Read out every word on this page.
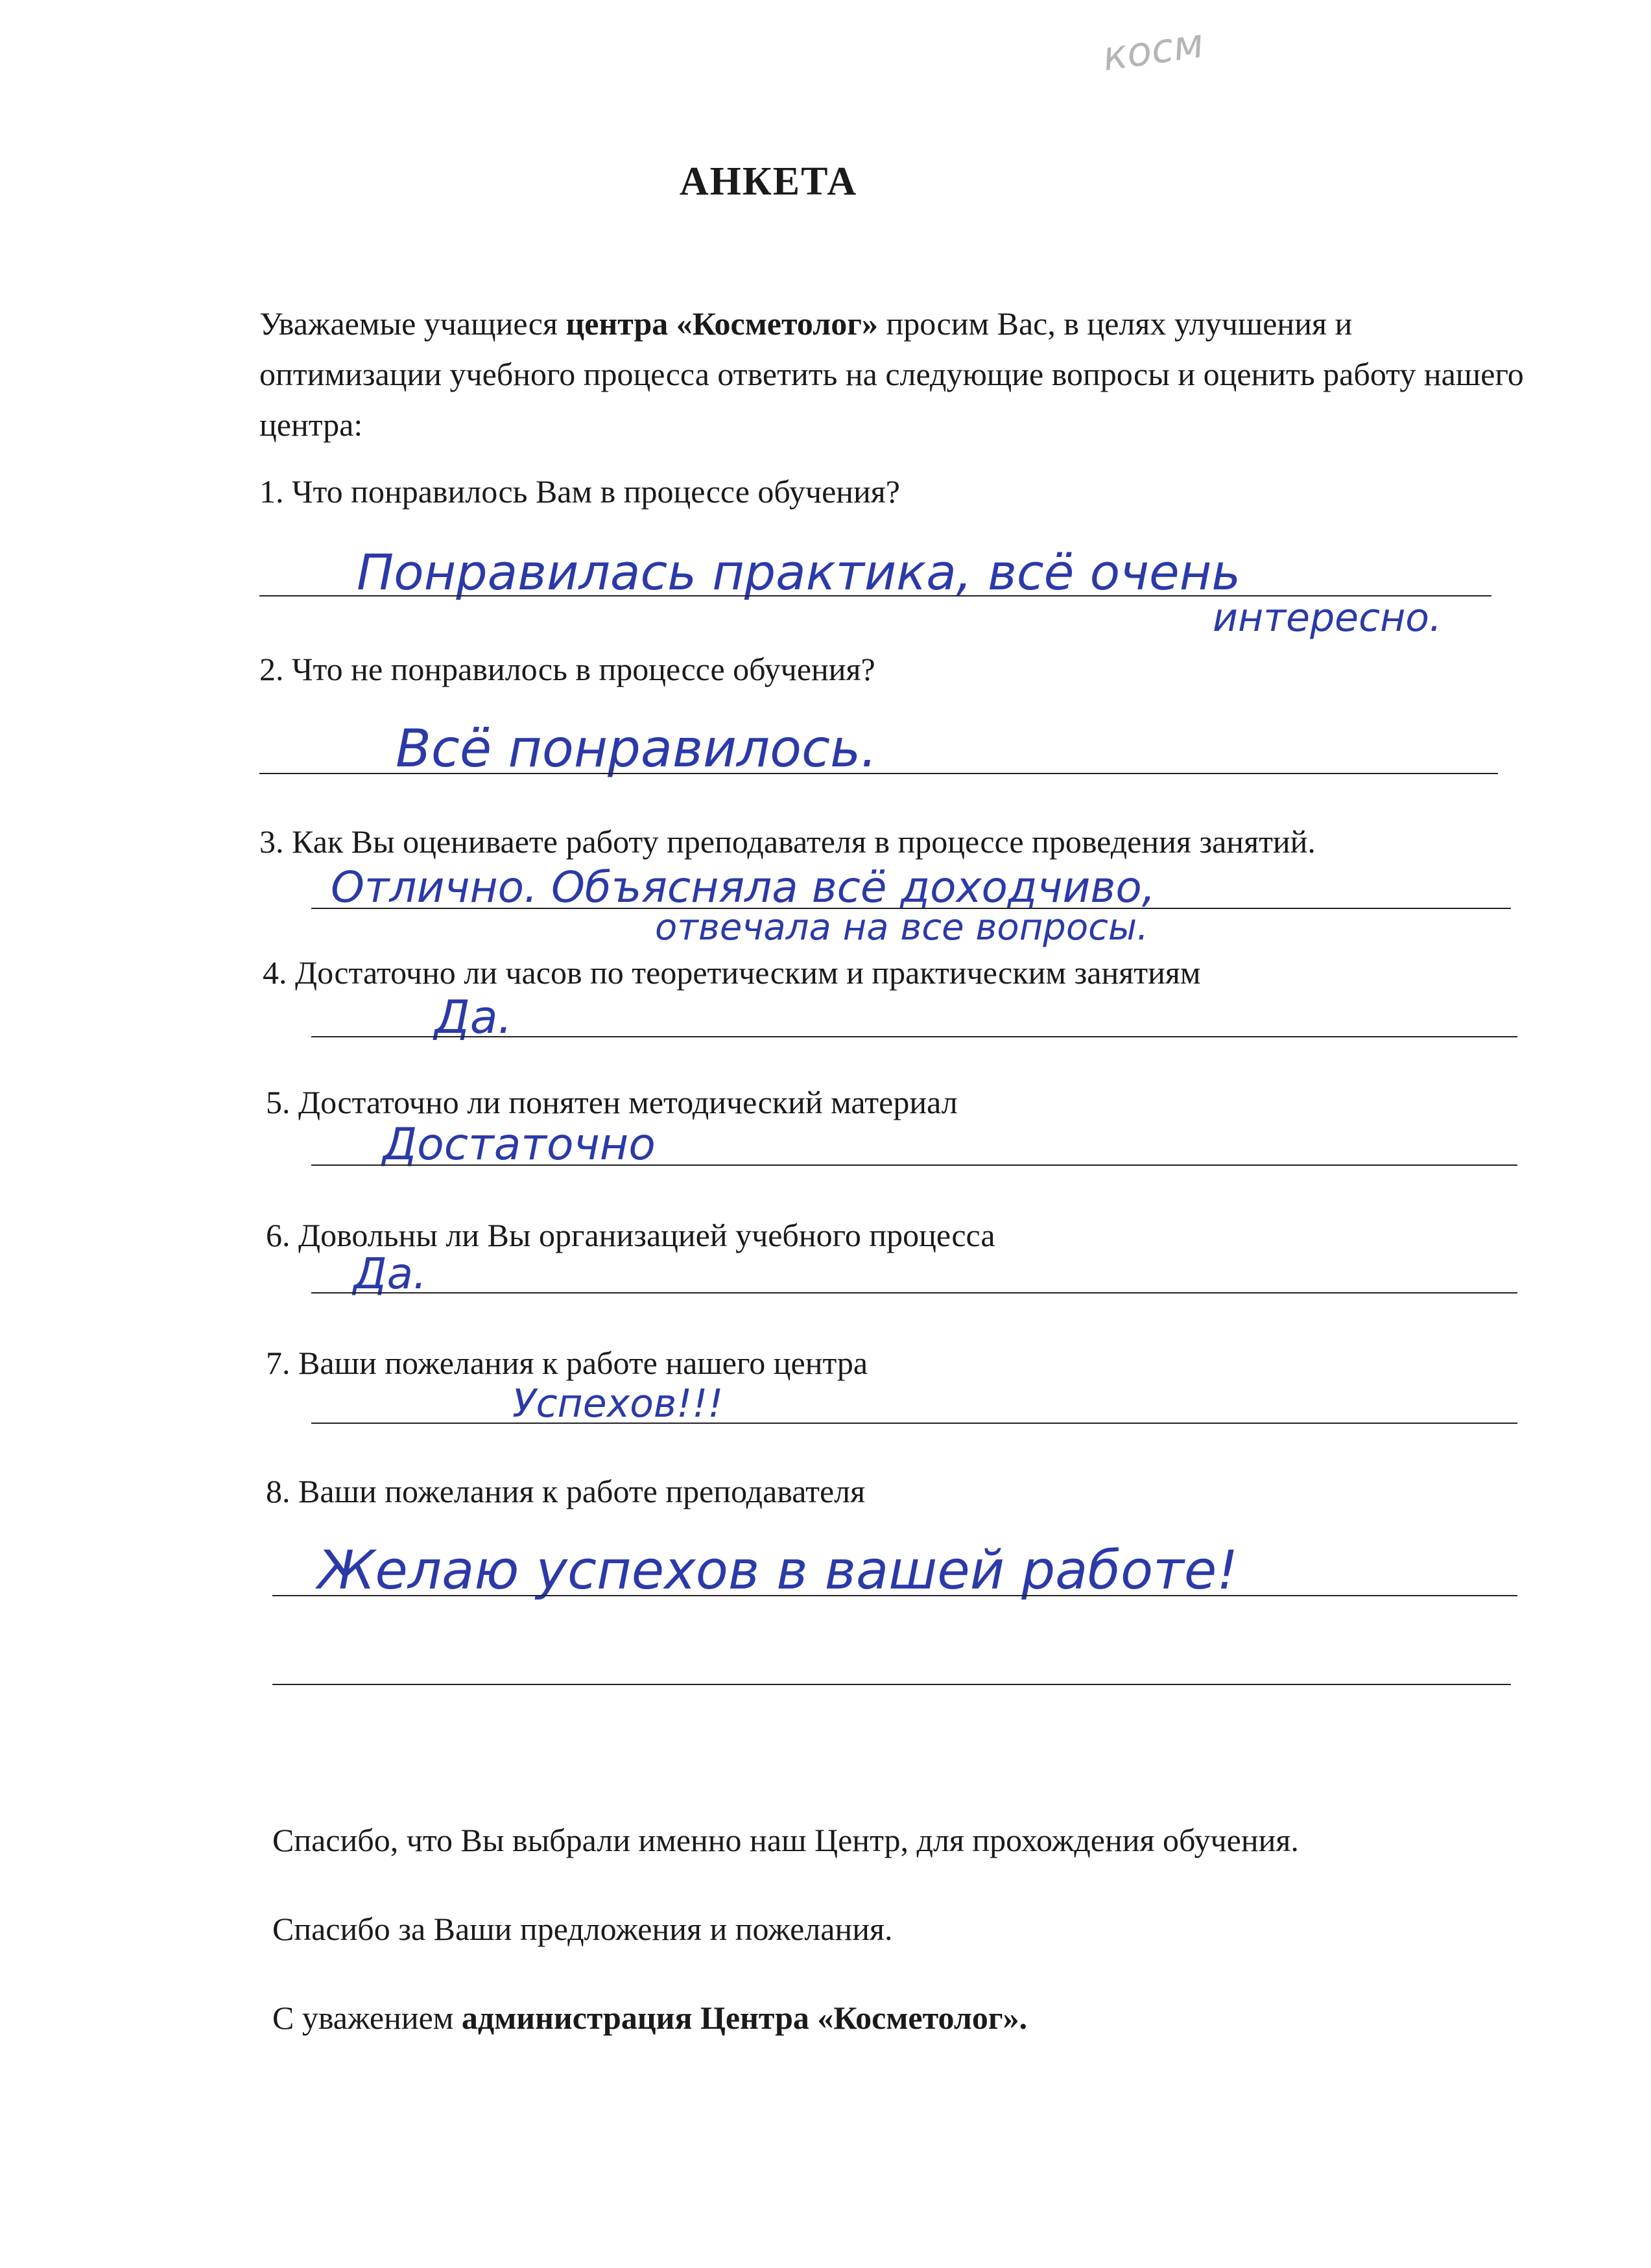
косм
АНКЕТА
Уважаемые учащиеся центра «Косметолог» просим Вас, в целях улучшения и оптимизации учебного процесса ответить на следующие вопросы и оценить работу нашего центра:
1. Что понравилось Вам в процессе обучения?
Понравилась практика, всё очень
интересно.
2. Что не понравилось в процессе обучения?
Всё понравилось.
3. Как Вы оцениваете работу преподавателя в процессе проведения занятий.
Отлично. Объясняла всё доходчиво,
отвечала на все вопросы.
4. Достаточно ли часов по теоретическим и практическим занятиям
Да.
5. Достаточно ли понятен методический материал
Достаточно
6. Довольны ли Вы организацией учебного процесса
Да.
7. Ваши пожелания к работе нашего центра
Успехов!!!
8. Ваши пожелания к работе преподавателя
Желаю успехов в вашей работе!
Спасибо, что Вы выбрали именно наш Центр, для прохождения обучения.
Спасибо за Ваши предложения и пожелания.
С уважением администрация Центра «Косметолог».
